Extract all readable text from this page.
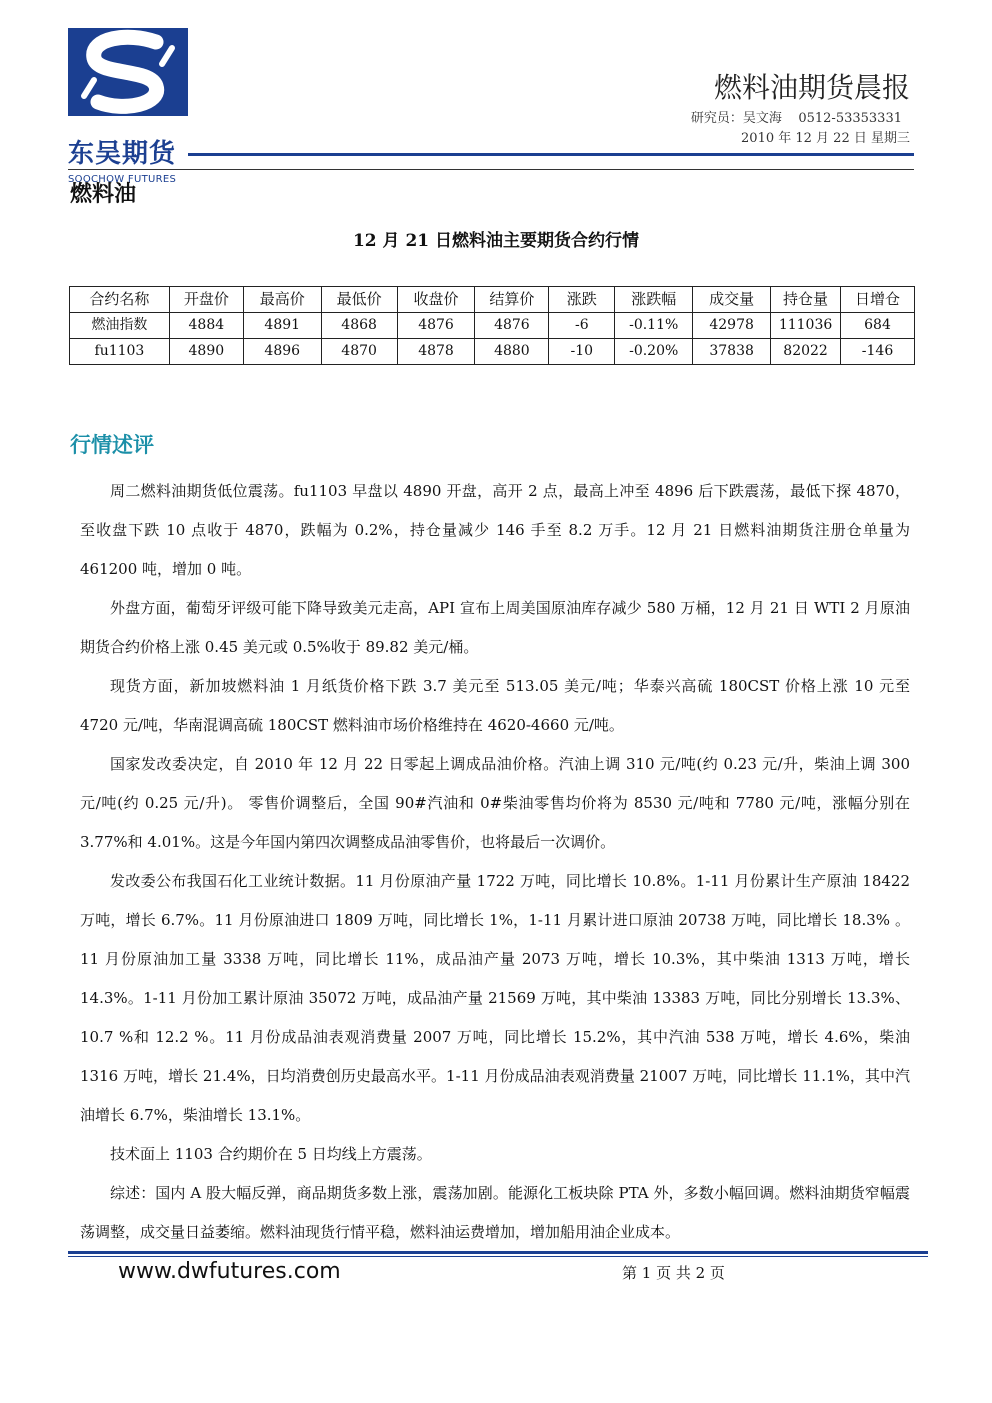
东吴期货
SOOCHOW FUTURES
燃料油期货晨报
研究员：吴文海    0512-53353331
2010 年 12 月 22 日 星期三
燃料油
12 月 21 日燃料油主要期货合约行情
合约名称	开盘价	最高价	最低价	收盘价	结算价	涨跌	涨跌幅	成交量	持仓量	日增仓
燃油指数	4884	4891	4868	4876	4876	-6	-0.11%	42978	111036	684
fu1103	4890	4896	4870	4878	4880	-10	-0.20%	37838	82022	-146
行情述评

周二燃料油期货低位震荡。fu1103 早盘以 4890 开盘，高开 2 点，最高上冲至 4896 后下跌震荡，最低下探 4870，至收盘下跌 10 点收于 4870，跌幅为 0.2%，持仓量减少 146 手至 8.2 万手。12 月 21 日燃料油期货注册仓单量为 461200 吨，增加 0 吨。

外盘方面，葡萄牙评级可能下降导致美元走高，API 宣布上周美国原油库存减少 580 万桶，12 月 21 日 WTI 2 月原油期货合约价格上涨 0.45 美元或 0.5%收于 89.82 美元/桶。

现货方面，新加坡燃料油 1 月纸货价格下跌 3.7 美元至 513.05 美元/吨；华泰兴高硫 180CST 价格上涨 10 元至 4720 元/吨，华南混调高硫 180CST 燃料油市场价格维持在 4620-4660 元/吨。

国家发改委决定，自 2010 年 12 月 22 日零起上调成品油价格。汽油上调 310 元/吨(约 0.23 元/升，柴油上调 300 元/吨(约 0.25 元/升)。 零售价调整后，全国 90#汽油和 0#柴油零售均价将为 8530 元/吨和 7780 元/吨，涨幅分别在 3.77%和 4.01%。这是今年国内第四次调整成品油零售价，也将最后一次调价。

发改委公布我国石化工业统计数据。11 月份原油产量 1722 万吨，同比增长 10.8%。1-11 月份累计生产原油 18422 万吨，增长 6.7%。11 月份原油进口 1809 万吨，同比增长 1%，1-11 月累计进口原油 20738 万吨，同比增长 18.3% 。11 月份原油加工量 3338 万吨，同比增长 11%，成品油产量 2073 万吨，增长 10.3%，其中柴油 1313 万吨，增长 14.3%。1-11 月份加工累计原油 35072 万吨，成品油产量 21569 万吨，其中柴油 13383 万吨，同比分别增长 13.3%、10.7 %和 12.2 %。11 月份成品油表观消费量 2007 万吨，同比增长 15.2%，其中汽油 538 万吨，增长 4.6%，柴油 1316 万吨，增长 21.4%，日均消费创历史最高水平。1-11 月份成品油表观消费量 21007 万吨，同比增长 11.1%，其中汽油增长 6.7%，柴油增长 13.1%。

技术面上 1103 合约期价在 5 日均线上方震荡。

综述：国内 A 股大幅反弹，商品期货多数上涨，震荡加剧。能源化工板块除 PTA 外，多数小幅回调。燃料油期货窄幅震荡调整，成交量日益萎缩。燃料油现货行情平稳，燃料油运费增加，增加船用油企业成本。

www.dwfutures.com	第 1 页 共 2 页
